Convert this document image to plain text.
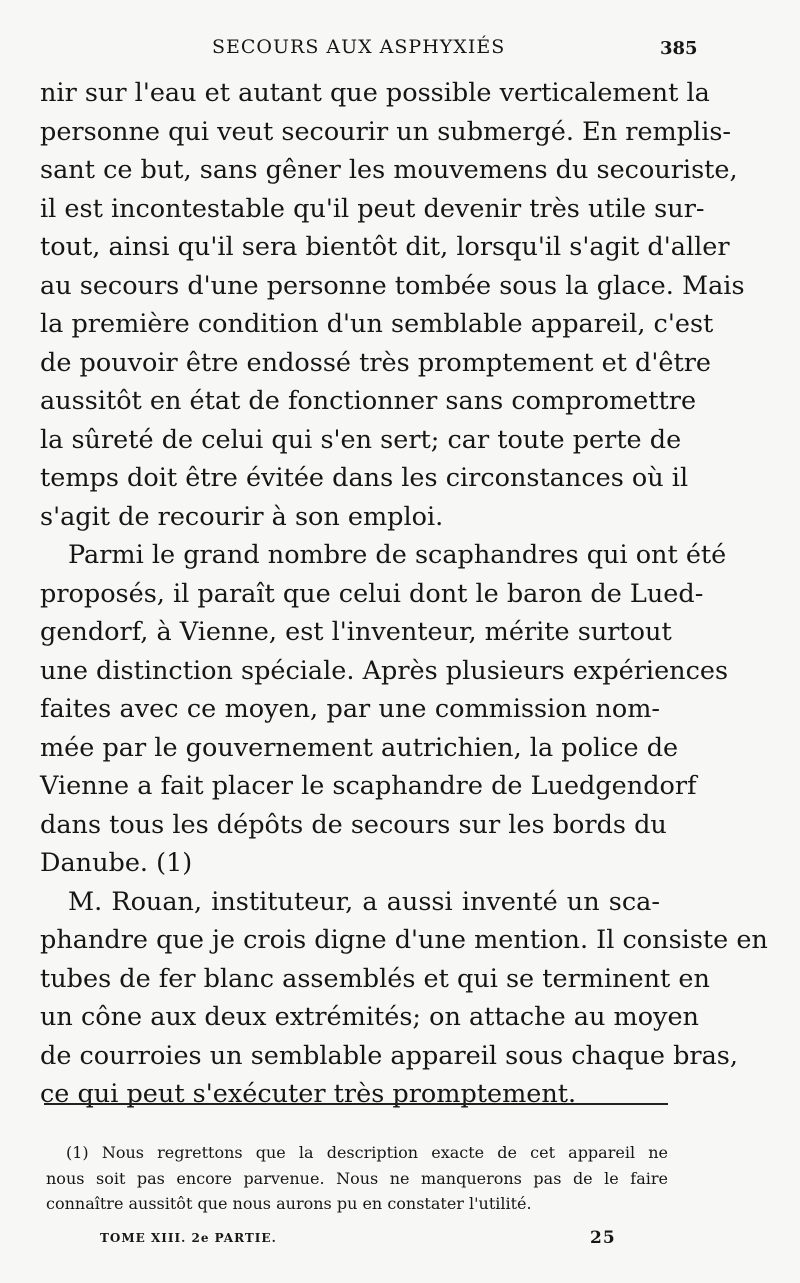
SECOURS AUX ASPHYXIÉS	385
nir sur l'eau et autant que possible verticalement la
personne qui veut secourir un submergé. En remplis-
sant ce but, sans gêner les mouvemens du secouriste,
il est incontestable qu'il peut devenir très utile sur-
tout, ainsi qu'il sera bientôt dit, lorsqu'il s'agit d'aller
au secours d'une personne tombée sous la glace. Mais
la première condition d'un semblable appareil, c'est
de pouvoir être endossé très promptement et d'être
aussitôt en état de fonctionner sans compromettre
la sûreté de celui qui s'en sert; car toute perte de
temps doit être évitée dans les circonstances où il
s'agit de recourir à son emploi.
Parmi le grand nombre de scaphandres qui ont été
proposés, il paraît que celui dont le baron de Lued-
gendorf, à Vienne, est l'inventeur, mérite surtout
une distinction spéciale. Après plusieurs expériences
faites avec ce moyen, par une commission nom-
mée par le gouvernement autrichien, la police de
Vienne a fait placer le scaphandre de Luedgendorf
dans tous les dépôts de secours sur les bords du
Danube. (1)
M. Rouan, instituteur, a aussi inventé un sca-
phandre que je crois digne d'une mention. Il consiste en
tubes de fer blanc assemblés et qui se terminent en
un cône aux deux extrémités; on attache au moyen
de courroies un semblable appareil sous chaque bras,
ce qui peut s'exécuter très promptement.
(1) Nous regrettons que la description exacte de cet appareil ne
nous soit pas encore parvenue. Nous ne manquerons pas de le faire
connaître aussitôt que nous aurons pu en constater l'utilité.
TOME XIII. 2e PARTIE.	25
